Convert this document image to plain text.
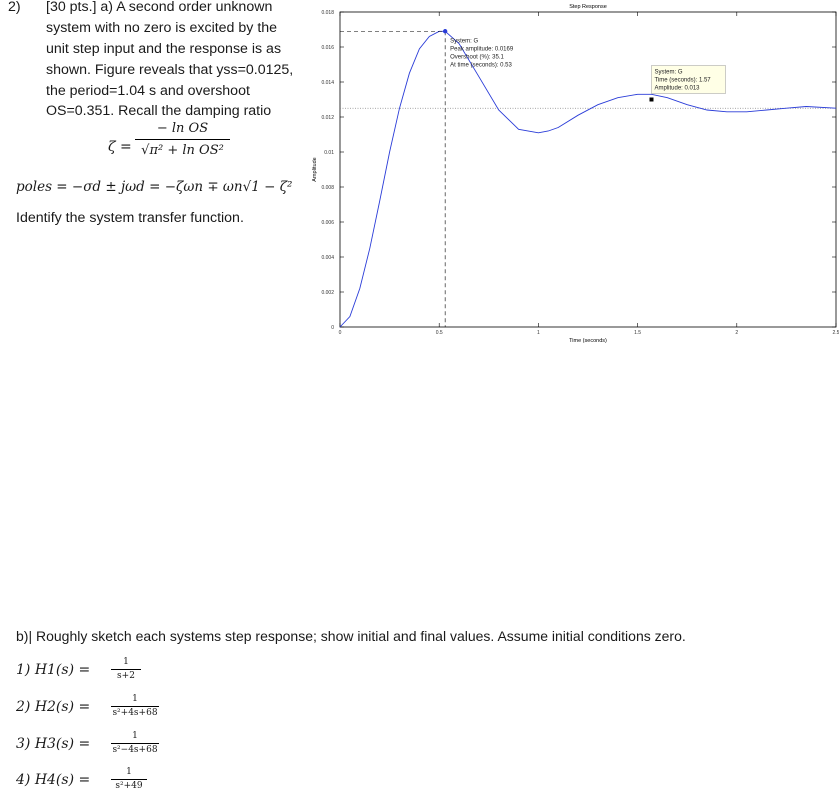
2) [30 pts.] a) A second order unknown
system with no zero is excited by the
unit step input and the response is as
shown. Figure reveals that yss=0.0125,
the period=1.04 s and overshoot
OS=0.351. Recall the damping ratio
ζ =
− ln OS
√π² + ln OS²
poles = −σd ± jωd = −ζωn ∓ ωn√1 − ζ²
Identify the system transfer function.
Step Response
Time (seconds)
Amplitude
0
0.002
0.004
0.006
0.008
0.01
0.012
0.014
0.016
0.018
0	0.5	1	1.5	2	2.5
System: G
Peak amplitude: 0.0169
Overshoot (%): 35.1
At time (seconds): 0.53
System: G
Time (seconds): 1.57
Amplitude: 0.013
b)| Roughly sketch each systems step response; show initial and final values. Assume initial conditions zero.
1) H1(s) =	1
s+2
2) H2(s) =	1
s²+4s+68
3) H3(s) =	1
s²−4s+68
4) H4(s) =	1
s²+49
